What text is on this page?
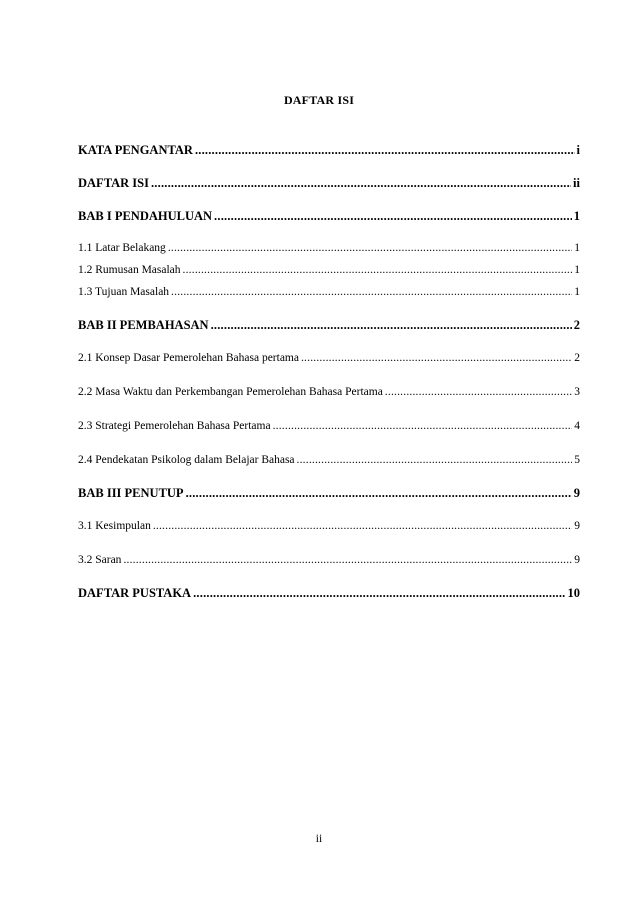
DAFTAR ISI
KATA PENGANTAR .....	i
DAFTAR ISI .....	ii
BAB I PENDAHULUAN .....	1
1.1 Latar Belakang .....	1
1.2 Rumusan Masalah .....	1
1.3 Tujuan Masalah .....	1
BAB II PEMBAHASAN .....	2
2.1 Konsep Dasar Pemerolehan Bahasa pertama .....	2
2.2 Masa Waktu dan Perkembangan Pemerolehan Bahasa Pertama .....	3
2.3 Strategi Pemerolehan Bahasa Pertama .....	4
2.4 Pendekatan Psikolog dalam Belajar Bahasa .....	5
BAB III PENUTUP .....	9
3.1 Kesimpulan .....	9
3.2 Saran .....	9
DAFTAR PUSTAKA .....	10
ii
